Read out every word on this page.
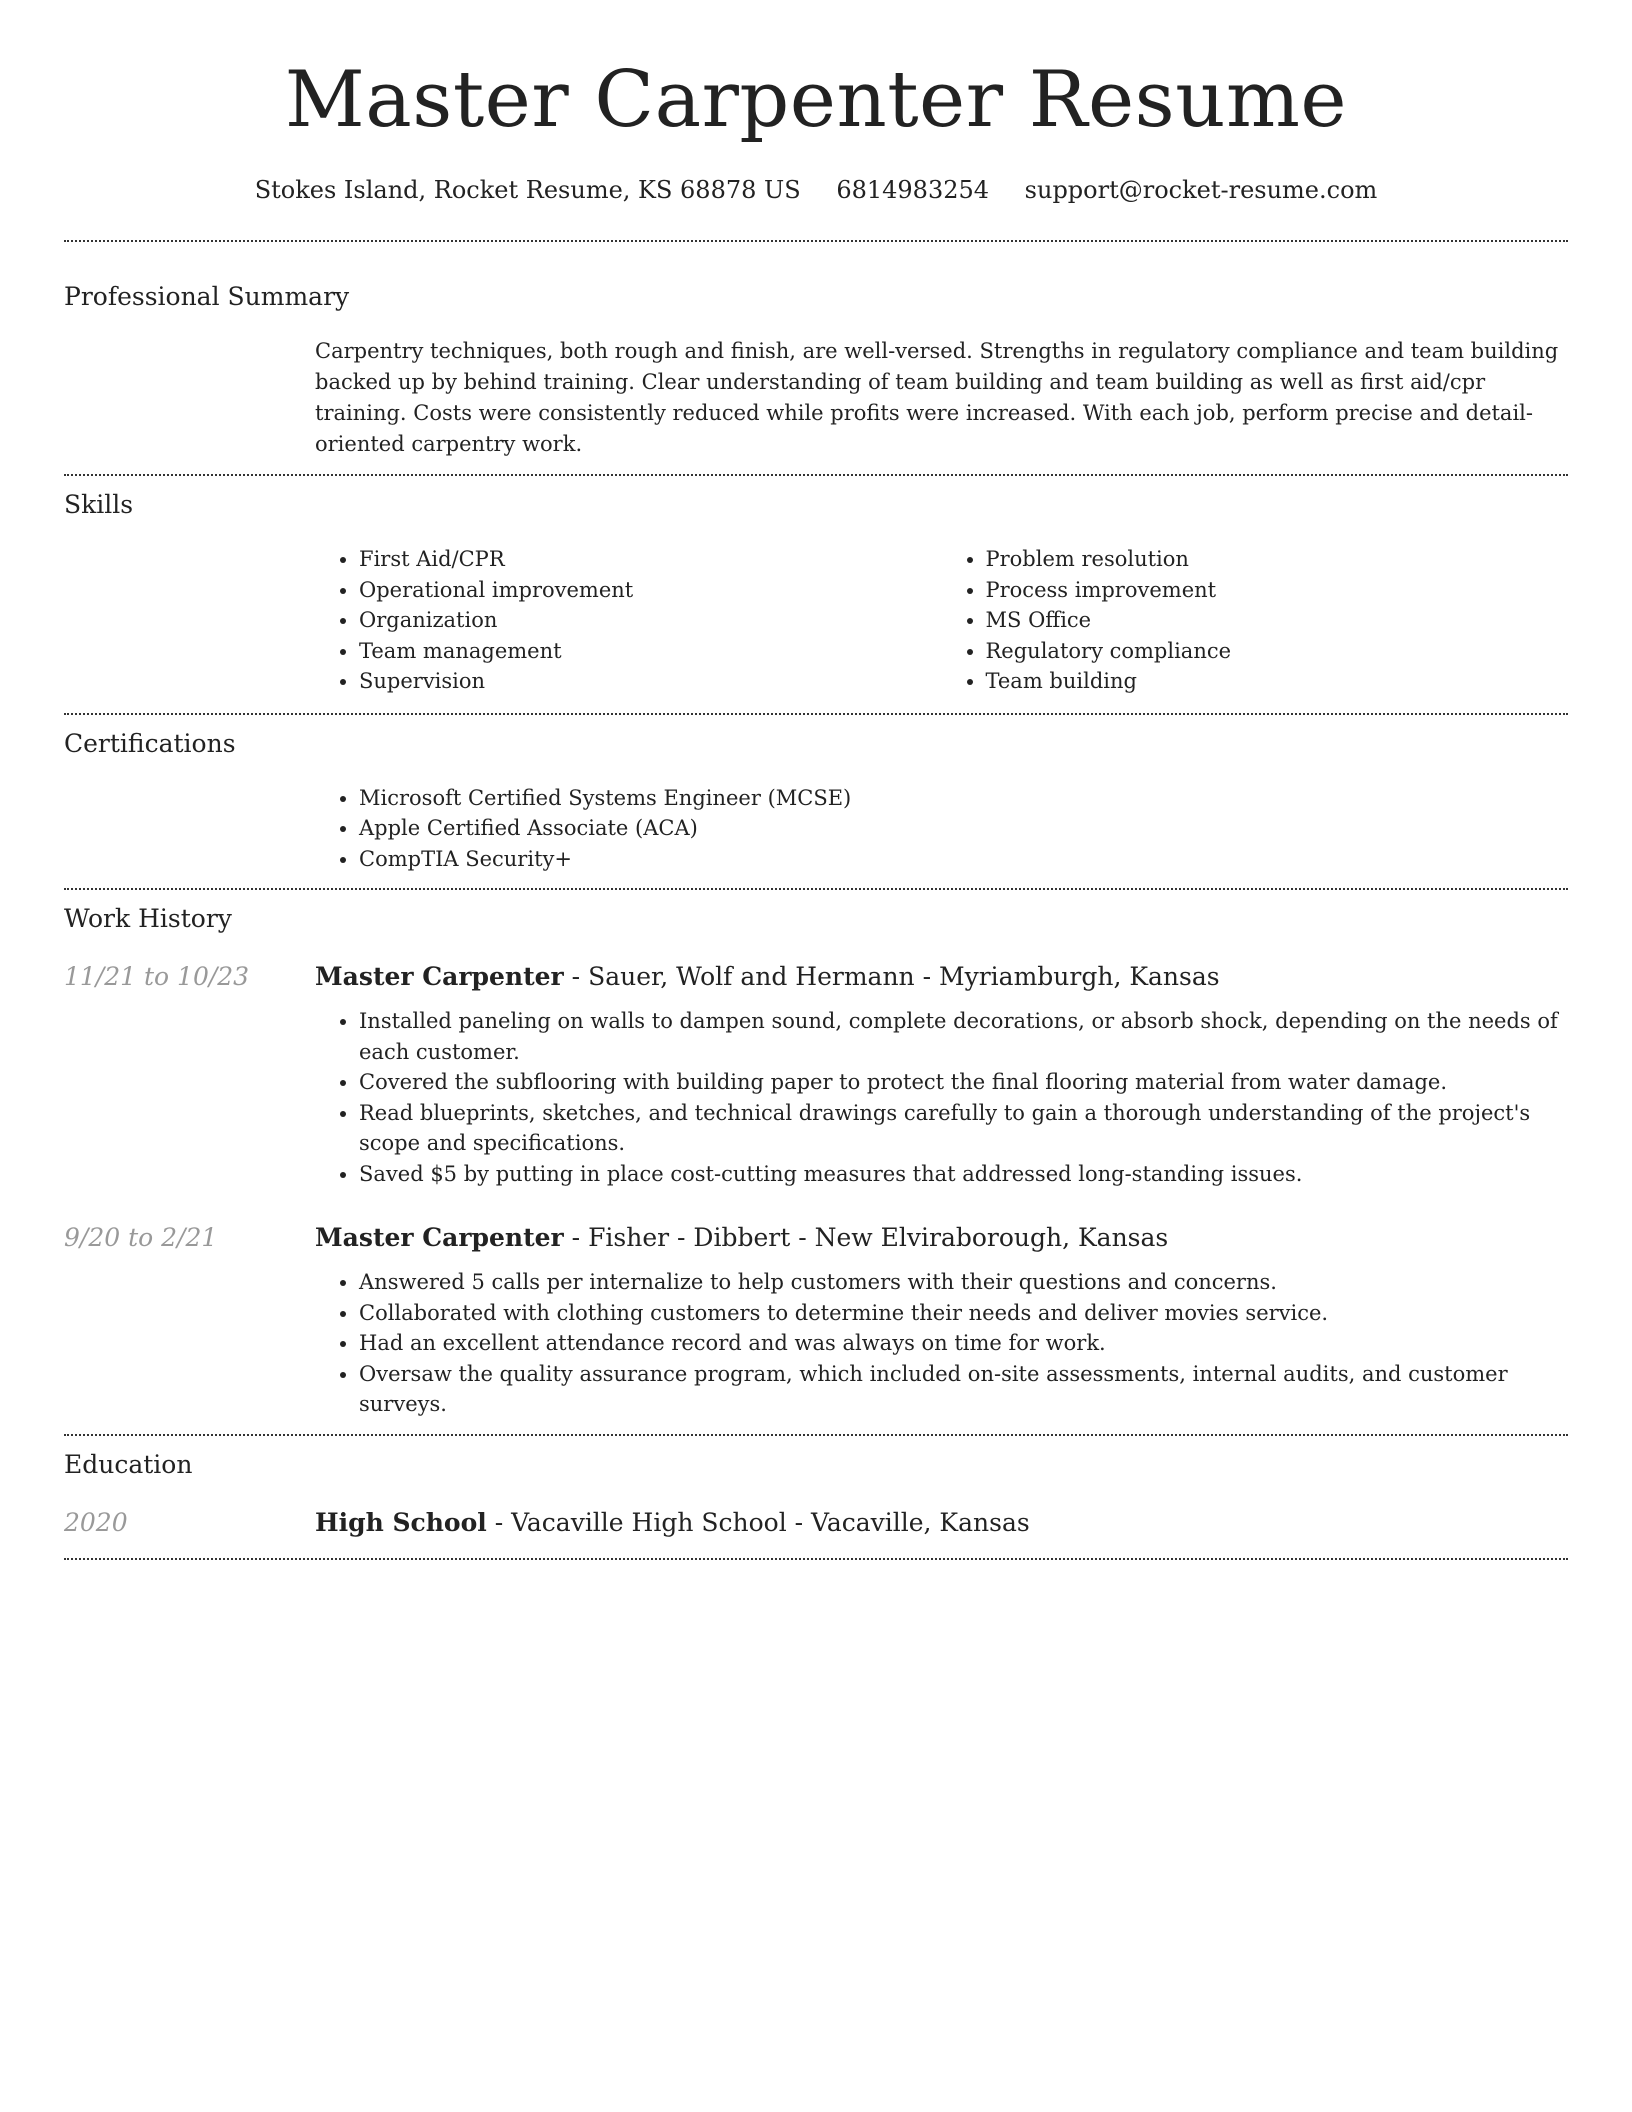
Master Carpenter Resume
Stokes Island, Rocket Resume, KS 68878 US 6814983254 support@rocket-resume.com
Professional Summary

Carpentry techniques, both rough and finish, are well-versed. Strengths in regulatory compliance and team building backed up by behind training. Clear understanding of team building and team building as well as first aid/cpr training. Costs were consistently reduced while profits were increased. With each job, perform precise and detail-oriented carpentry work.

Skills
• First Aid/CPR
• Operational improvement
• Organization
• Team management
• Supervision
• Problem resolution
• Process improvement
• MS Office
• Regulatory compliance
• Team building
Certifications
• Microsoft Certified Systems Engineer (MCSE)
• Apple Certified Associate (ACA)
• CompTIA Security+
Work History
11/21 to 10/23	Master Carpenter - Sauer, Wolf and Hermann - Myriamburgh, Kansas
• Installed paneling on walls to dampen sound, complete decorations, or absorb shock, depending on the needs of each customer.
• Covered the subflooring with building paper to protect the final flooring material from water damage.
• Read blueprints, sketches, and technical drawings carefully to gain a thorough understanding of the project's scope and specifications.
• Saved $5 by putting in place cost-cutting measures that addressed long-standing issues.
9/20 to 2/21	Master Carpenter - Fisher - Dibbert - New Elviraborough, Kansas
• Answered 5 calls per internalize to help customers with their questions and concerns.
• Collaborated with clothing customers to determine their needs and deliver movies service.
• Had an excellent attendance record and was always on time for work.
• Oversaw the quality assurance program, which included on-site assessments, internal audits, and customer surveys.
Education
2020	High School - Vacaville High School - Vacaville, Kansas
